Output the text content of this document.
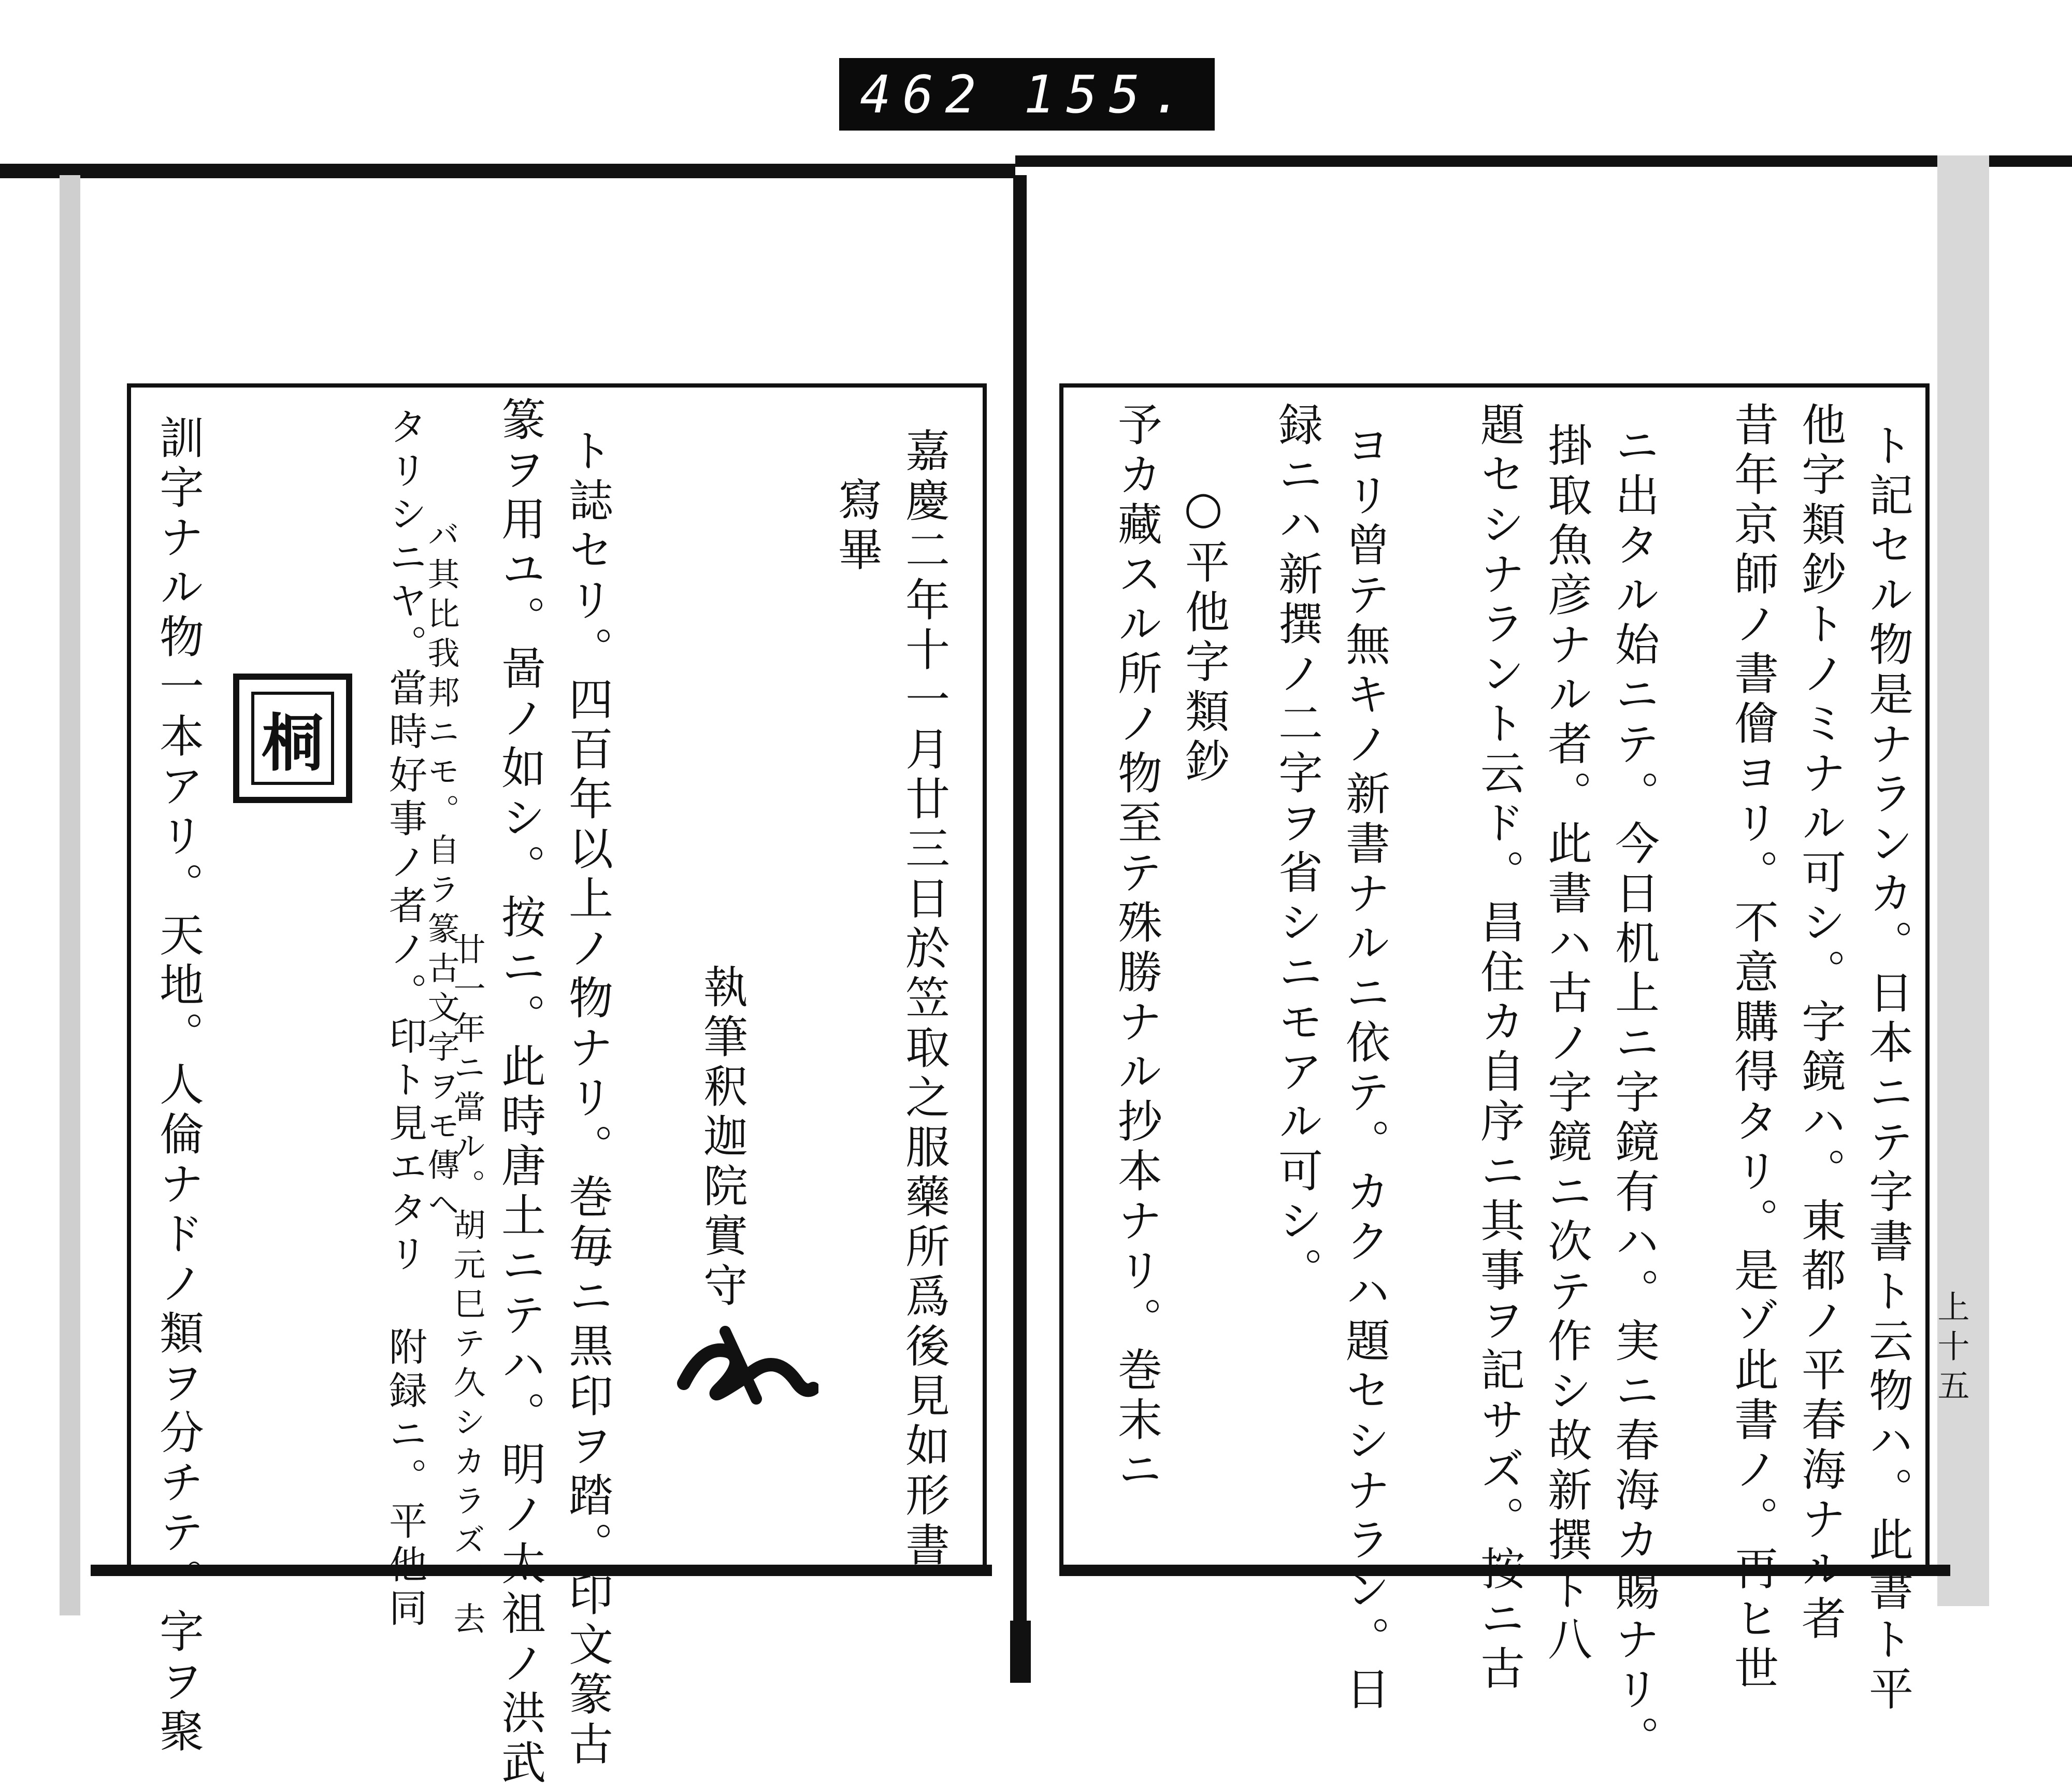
462 155.
嘉慶二年十一月廿三日於笠取之服藥所爲後見如形書
寫畢
執筆釈迦院實守
ト誌セリ。四百年以上ノ物ナリ。巻毎ニ黒印ヲ踏。印文篆古
篆ヲ用ユ。啚ノ如シ。按ニ。此時唐土ニテハ。明ノ太祖ノ洪武
廿一年ニ當ル。胡元巳テ久シカラズ。去
バ其比我邦ニモ。自ラ篆古文字ヲモ傳ヘ
タリシニヤ。當時好事ノ者ノ。印ト見エタリ 附録ニ。平他同
訓字ナル物一本アリ。天地。人倫ナドノ類ヲ分チテ。字ヲ聚 桐	ト記セル物是ナランカ。日本ニテ字書ト云物ハ。此書ト平
他字類鈔トノミナル可シ。字鏡ハ。東都ノ平春海ナル者
昔年京師ノ書儈ヨリ。不意購得タリ。是ゾ此書ノ。再ヒ世
ニ出タル始ニテ。今日机上ニ字鏡有ハ。実ニ春海カ賜ナリ。
掛取魚彦ナル者。此書ハ古ノ字鏡ニ次テ作シ故新撰ト八
題セシナラント云ド。昌住カ自序ニ其事ヲ記サズ。按ニ古
ヨリ曾テ無キノ新書ナルニ依テ。カクハ題セシナラン。日
録ニハ新撰ノ二字ヲ省シニモアル可シ。
○平他字類鈔
予カ藏スル所ノ物至テ殊勝ナル抄本ナリ。巻末ニ	上十五
